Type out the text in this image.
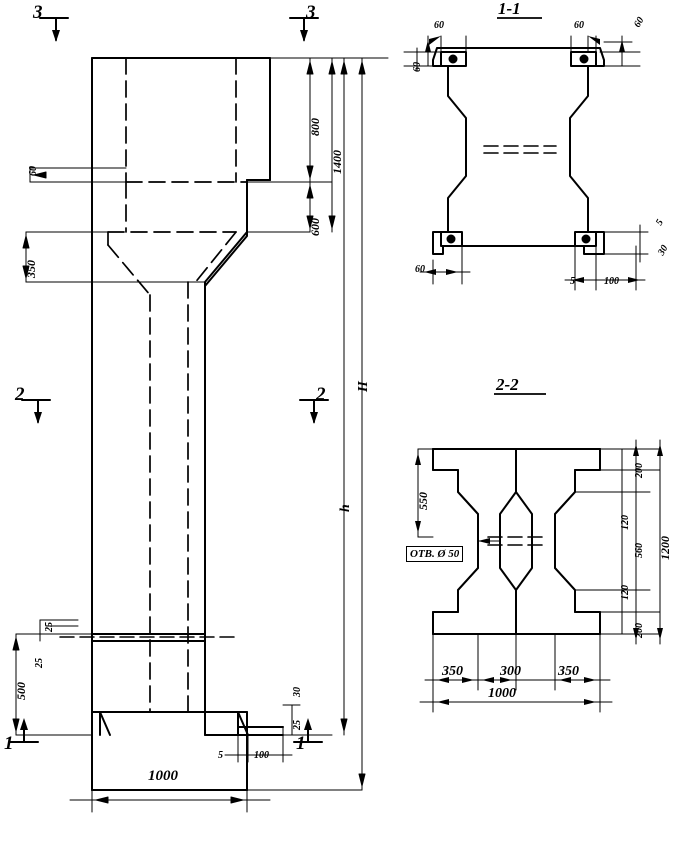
1-1
2-2
3	3
2	2
1	1
800
1400
600
60
350
H
h
25
25
500	30
25
5	100
1000
60
60	60	60
60
5
30
5	100
550
200
120
560
120
200
1200
350	300	350
1000
ОТВ. Ø 50
